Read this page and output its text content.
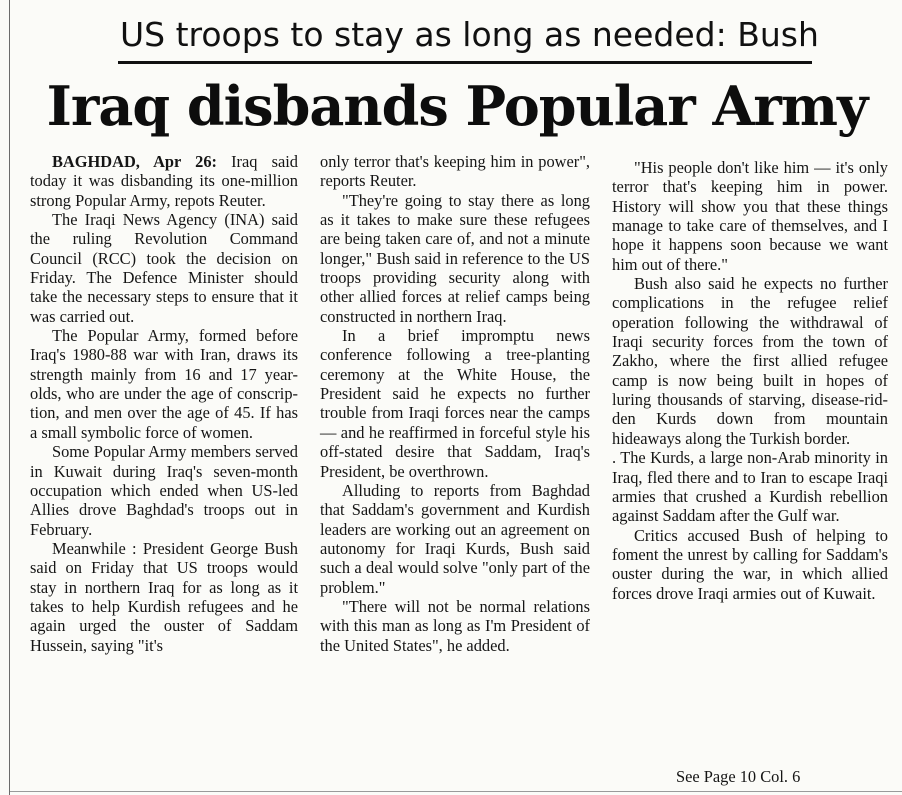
US troops to stay as long as needed: Bush
Iraq disbands Popular Army

BAGHDAD, Apr 26: Iraq said today it was disbanding its one-million strong Popular Army, repots Reuter.

The Iraqi News Agency (INA) said the ruling Revolution Command Council (RCC) took the decision on Friday. The Defence Minister should take the necessary steps to ensure that it was carried out.

The Popular Army, formed before Iraq's 1980-88 war with Iran, draws its strength mainly from 16 and 17 year-olds, who are under the age of conscription, and men over the age of 45. If has a small symbolic force of women.

Some Popular Army members served in Kuwait during Iraq's seven-month occupation which ended when US-led Allies drove Baghdad's troops out in February.

Meanwhile : President George Bush said on Friday that US troops would stay in northern Iraq for as long as it takes to help Kurdish refugees and he again urged the ouster of Saddam Hussein, saying "it's

only terror that's keeping him in power", reports Reuter.

"They're going to stay there as long as it takes to make sure these refugees are being taken care of, and not a minute longer," Bush said in reference to the US troops providing security along with other allied forces at relief camps being constructed in northern Iraq.

In a brief impromptu news conference following a tree-planting ceremony at the White House, the President said he expects no further trouble from Iraqi forces near the camps — and he reaffirmed in forceful style his off-stated desire that Saddam, Iraq's President, be overthrown.

Alluding to reports from Baghdad that Saddam's government and Kurdish leaders are working out an agreement on autonomy for Iraqi Kurds, Bush said such a deal would solve "only part of the problem."

"There will not be normal relations with this man as long as I'm President of the United States", he added.

"His people don't like him — it's only terror that's keeping him in power. History will show you that these things manage to take care of themselves, and I hope it happens soon because we want him out of there."

Bush also said he expects no further complications in the refugee relief operation following the withdrawal of Iraqi security forces from the town of Zakho, where the first allied refugee camp is now being built in hopes of luring thousands of starving, disease-ridden Kurds down from mountain hideaways along the Turkish border.

. The Kurds, a large non-Arab minority in Iraq, fled there and to Iran to escape Iraqi armies that crushed a Kurdish rebellion against Saddam after the Gulf war.

Critics accused Bush of helping to foment the unrest by calling for Saddam's ouster during the war, in which allied forces drove Iraqi armies out of Kuwait.

See Page 10 Col. 6
